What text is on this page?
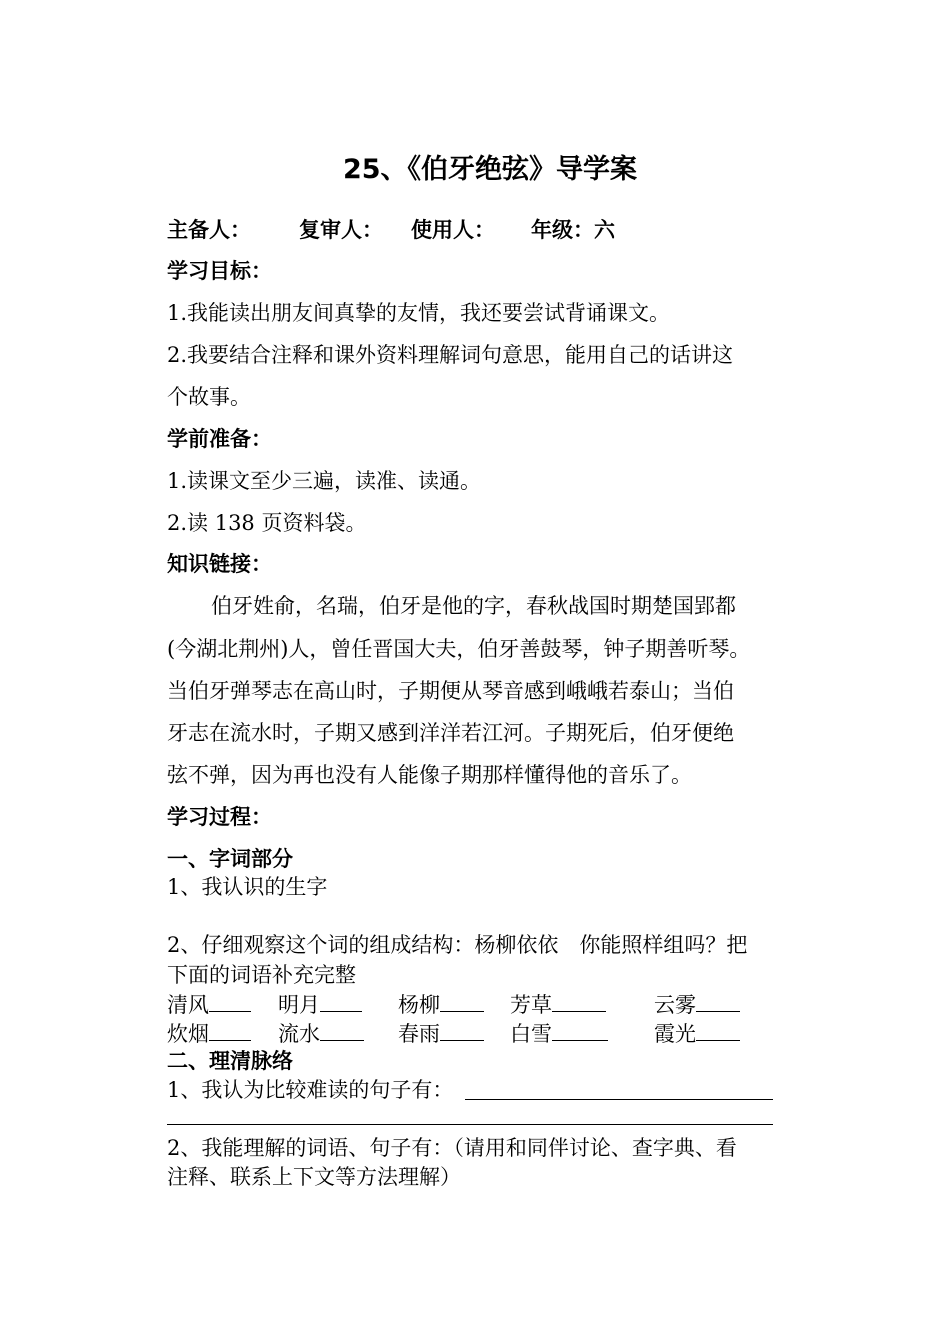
25、《伯牙绝弦》导学案
主备人： 复审人： 使用人： 年级：六
学习目标：
1.我能读出朋友间真挚的友情，我还要尝试背诵课文。
2.我要结合注释和课外资料理解词句意思，能用自己的话讲这
个故事。
学前准备：
1.读课文至少三遍，读准、读通。
2.读 138 页资料袋。
知识链接：
伯牙姓俞，名瑞，伯牙是他的字，春秋战国时期楚国郢都
(今湖北荆州)人，曾任晋国大夫，伯牙善鼓琴，钟子期善听琴。
当伯牙弹琴志在高山时，子期便从琴音感到峨峨若泰山；当伯
牙志在流水时，子期又感到洋洋若江河。子期死后，伯牙便绝
弦不弹，因为再也没有人能像子期那样懂得他的音乐了。
学习过程：
一、字词部分
1、我认识的生字
2、仔细观察这个词的组成结构：杨柳依依　你能照样组吗？把
下面的词语补充完整
清风	明月	杨柳	芳草	云雾
炊烟	流水	春雨	白雪	霞光
二、理清脉络
1、我认为比较难读的句子有：
2、我能理解的词语、句子有：（请用和同伴讨论、查字典、看
注释、联系上下文等方法理解）
